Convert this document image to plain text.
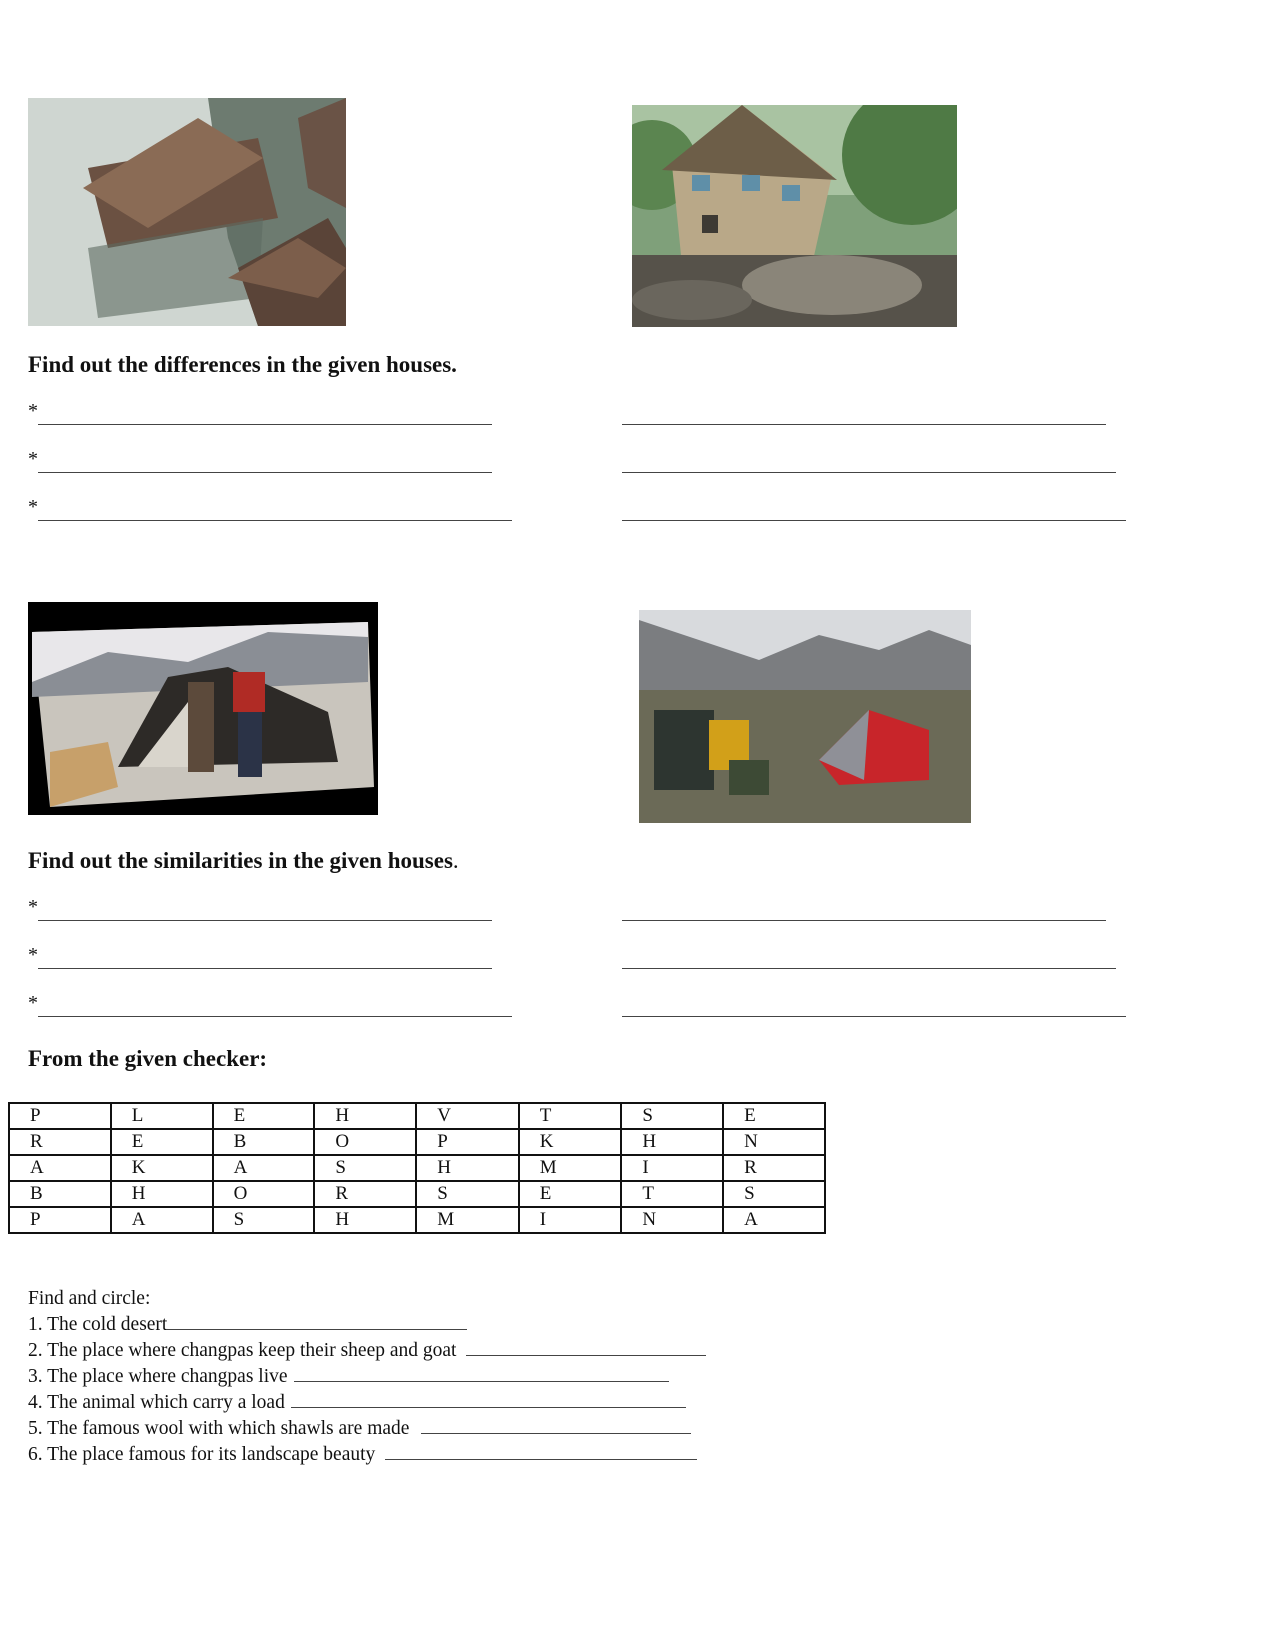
Find out the differences in the given houses.
*
*
*
Find out the similarities in the given houses.
*
*
*
From the given checker:
P	L	E	H	V	T	S	E
R	E	B	O	P	K	H	N
A	K	A	S	H	M	I	R
B	H	O	R	S	E	T	S
P	A	S	H	M	I	N	A
Find and circle:
1. The cold desert
2. The place where changpas keep their sheep and goat
3. The place where changpas live
4. The animal which carry a load
5. The famous wool with which shawls are made
6. The place famous for its landscape beauty
